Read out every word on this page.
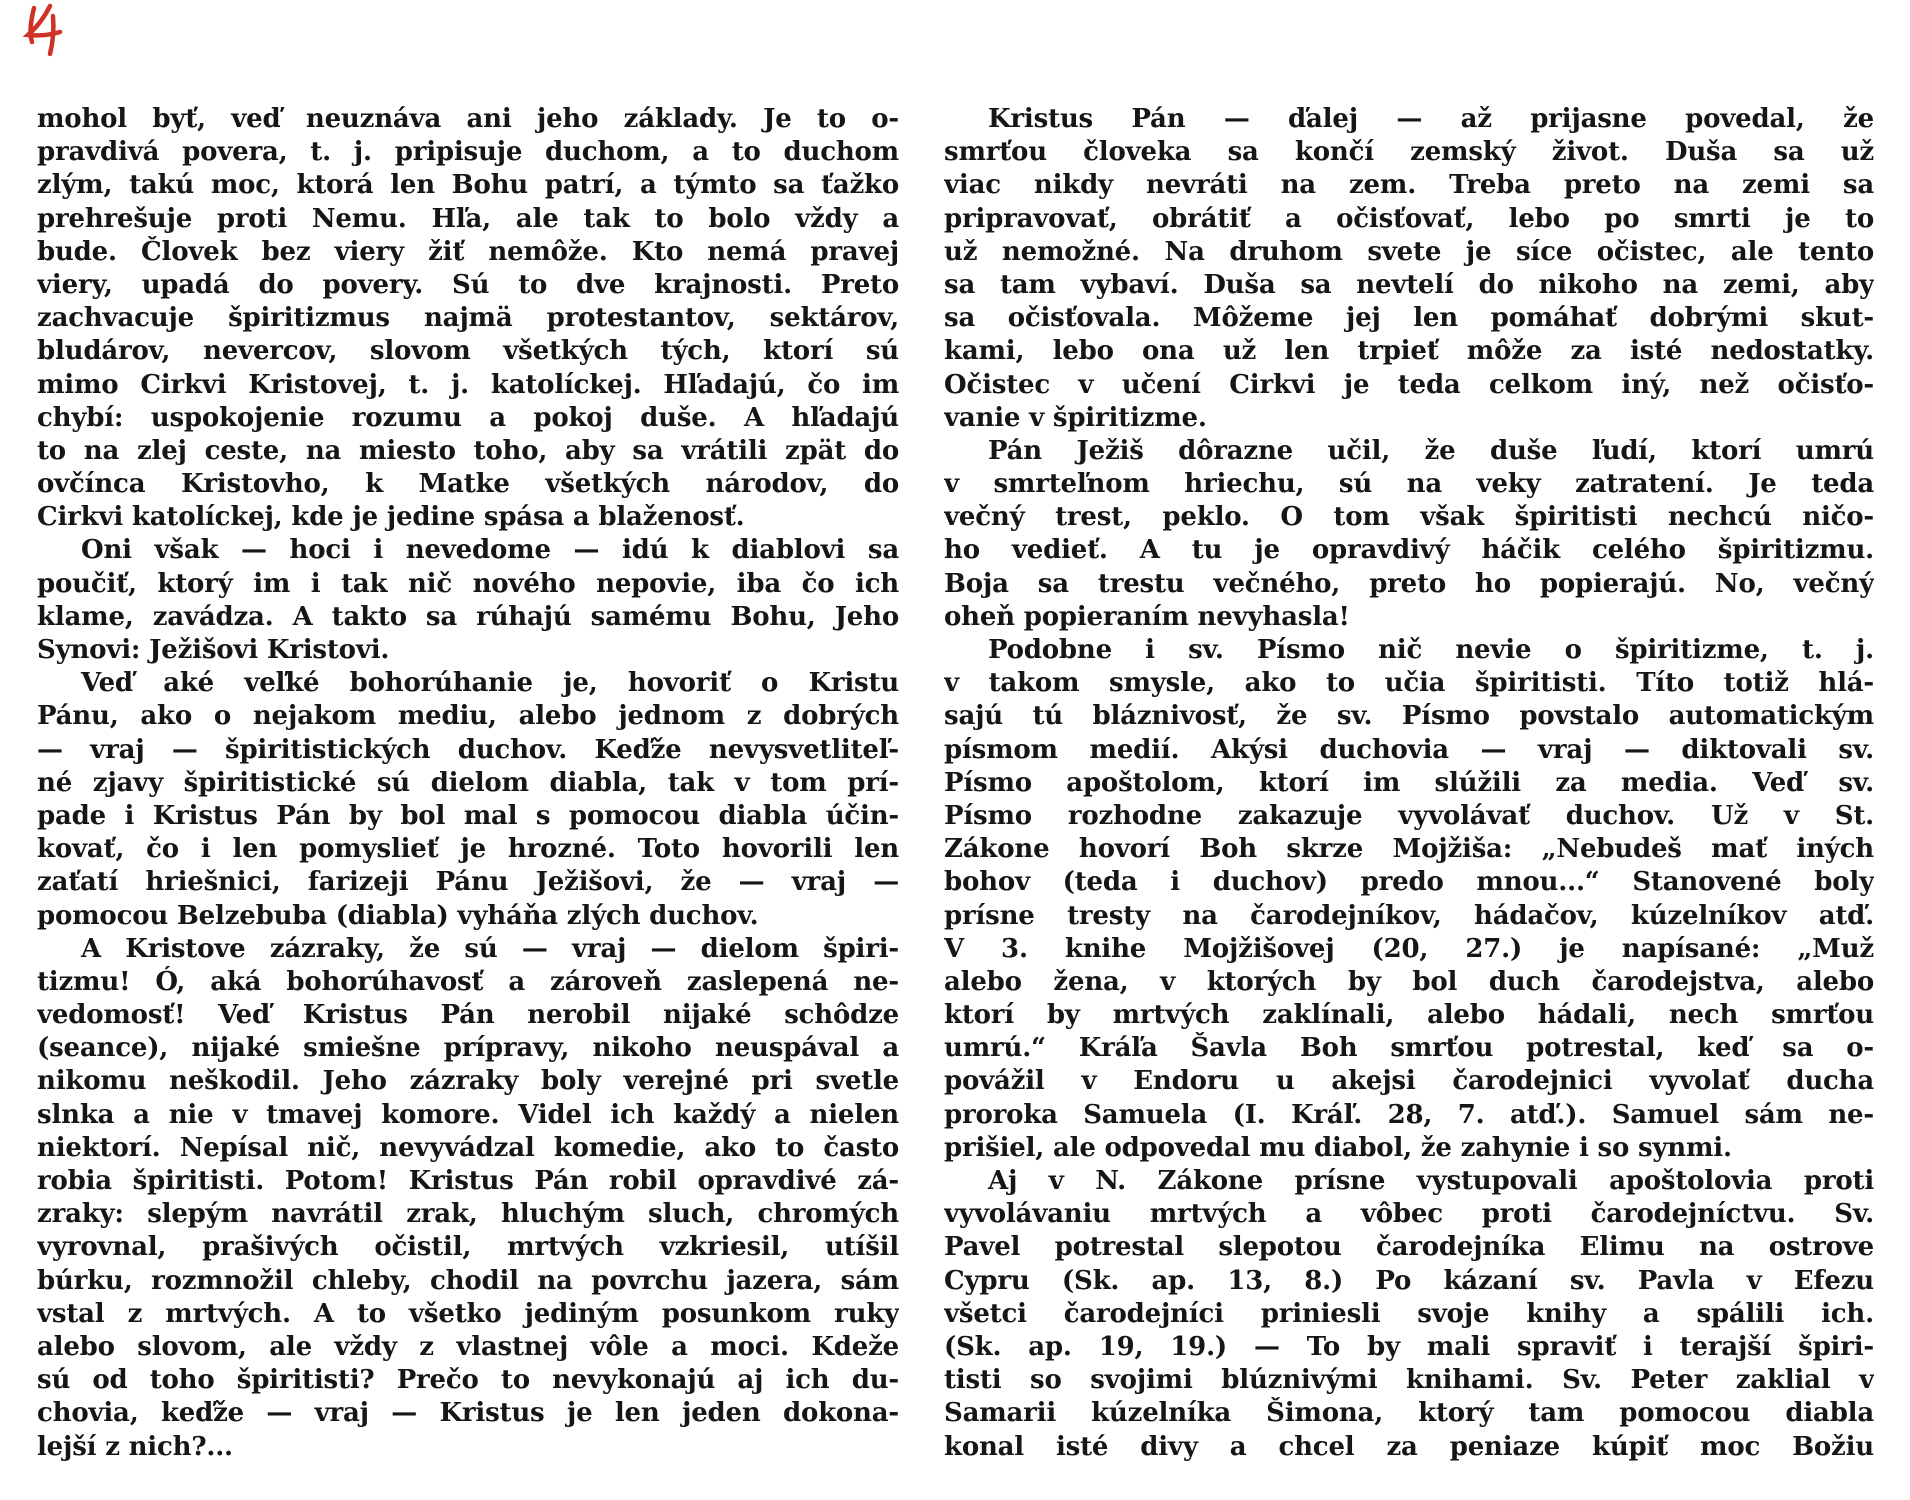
mohol byť, veď neuznáva ani jeho základy. Je to o-
pravdivá povera, t. j. pripisuje duchom, a to duchom
zlým, takú moc, ktorá len Bohu patrí, a týmto sa ťažko
prehrešuje proti Nemu. Hľa, ale tak to bolo vždy a
bude. Človek bez viery žiť nemôže. Kto nemá pravej
viery, upadá do povery. Sú to dve krajnosti. Preto
zachvacuje špiritizmus najmä protestantov, sektárov,
bludárov, nevercov, slovom všetkých tých, ktorí sú
mimo Cirkvi Kristovej, t. j. katolíckej. Hľadajú, čo im
chybí: uspokojenie rozumu a pokoj duše. A hľadajú
to na zlej ceste, na miesto toho, aby sa vrátili zpät do
ovčínca Kristovho, k Matke všetkých národov, do
Cirkvi katolíckej, kde je jedine spása a blaženosť.
Oni však — hoci i nevedome — idú k diablovi sa
poučiť, ktorý im i tak nič nového nepovie, iba čo ich
klame, zavádza. A takto sa rúhajú samému Bohu, Jeho
Synovi: Ježišovi Kristovi.
Veď aké veľké bohorúhanie je, hovoriť o Kristu
Pánu, ako o nejakom mediu, alebo jednom z dobrých
— vraj — špiritistických duchov. Keďže nevysvetliteľ-
né zjavy špiritistické sú dielom diabla, tak v tom prí-
pade i Kristus Pán by bol mal s pomocou diabla účin-
kovať, čo i len pomyslieť je hrozné. Toto hovorili len
zaťatí hriešnici, farizeji Pánu Ježišovi, že — vraj —
pomocou Belzebuba (diabla) vyháňa zlých duchov.
A Kristove zázraky, že sú — vraj — dielom špiri-
tizmu! Ó, aká bohorúhavosť a zároveň zaslepená ne-
vedomosť! Veď Kristus Pán nerobil nijaké schôdze
(seance), nijaké smiešne prípravy, nikoho neuspával a
nikomu neškodil. Jeho zázraky boly verejné pri svetle
slnka a nie v tmavej komore. Videl ich každý a nielen
niektorí. Nepísal nič, nevyvádzal komedie, ako to často
robia špiritisti. Potom! Kristus Pán robil opravdivé zá-
zraky: slepým navrátil zrak, hluchým sluch, chromých
vyrovnal, prašivých očistil, mrtvých vzkriesil, utíšil
búrku, rozmnožil chleby, chodil na povrchu jazera, sám
vstal z mrtvých. A to všetko jediným posunkom ruky
alebo slovom, ale vždy z vlastnej vôle a moci. Kdeže
sú od toho špiritisti? Prečo to nevykonajú aj ich du-
chovia, keďže — vraj — Kristus je len jeden dokona-
lejší z nich?...
Kristus Pán — ďalej — až prijasne povedal, že
smrťou človeka sa končí zemský život. Duša sa už
viac nikdy nevráti na zem. Treba preto na zemi sa
pripravovať, obrátiť a očisťovať, lebo po smrti je to
už nemožné. Na druhom svete je síce očistec, ale tento
sa tam vybaví. Duša sa nevtelí do nikoho na zemi, aby
sa očisťovala. Môžeme jej len pomáhať dobrými skut-
kami, lebo ona už len trpieť môže za isté nedostatky.
Očistec v učení Cirkvi je teda celkom iný, než očisťo-
vanie v špiritizme.
Pán Ježiš dôrazne učil, že duše ľudí, ktorí umrú
v smrteľnom hriechu, sú na veky zatratení. Je teda
večný trest, peklo. O tom však špiritisti nechcú ničo-
ho vedieť. A tu je opravdivý háčik celého špiritizmu.
Boja sa trestu večného, preto ho popierajú. No, večný
oheň popieraním nevyhasla!
Podobne i sv. Písmo nič nevie o špiritizme, t. j.
v takom smysle, ako to učia špiritisti. Títo totiž hlá-
sajú tú bláznivosť, že sv. Písmo povstalo automatickým
písmom medií. Akýsi duchovia — vraj — diktovali sv.
Písmo apoštolom, ktorí im slúžili za media. Veď sv.
Písmo rozhodne zakazuje vyvolávať duchov. Už v St.
Zákone hovorí Boh skrze Mojžiša: „Nebudeš mať iných
bohov (teda i duchov) predo mnou...“ Stanovené boly
prísne tresty na čarodejníkov, hádačov, kúzelníkov atď.
V 3. knihe Mojžišovej (20, 27.) je napísané: „Muž
alebo žena, v ktorých by bol duch čarodejstva, alebo
ktorí by mrtvých zaklínali, alebo hádali, nech smrťou
umrú.“ Kráľa Šavla Boh smrťou potrestal, keď sa o-
povážil v Endoru u akejsi čarodejnici vyvolať ducha
proroka Samuela (I. Kráľ. 28, 7. atď.). Samuel sám ne-
prišiel, ale odpovedal mu diabol, že zahynie i so synmi.
Aj v N. Zákone prísne vystupovali apoštolovia proti
vyvolávaniu mrtvých a vôbec proti čarodejníctvu. Sv.
Pavel potrestal slepotou čarodejníka Elimu na ostrove
Cypru (Sk. ap. 13, 8.) Po kázaní sv. Pavla v Efezu
všetci čarodejníci priniesli svoje knihy a spálili ich.
(Sk. ap. 19, 19.) — To by mali spraviť i terajší špiri-
tisti so svojimi blúznivými knihami. Sv. Peter zaklial v
Samarii kúzelníka Šimona, ktorý tam pomocou diabla
konal isté divy a chcel za peniaze kúpiť moc Božiu
